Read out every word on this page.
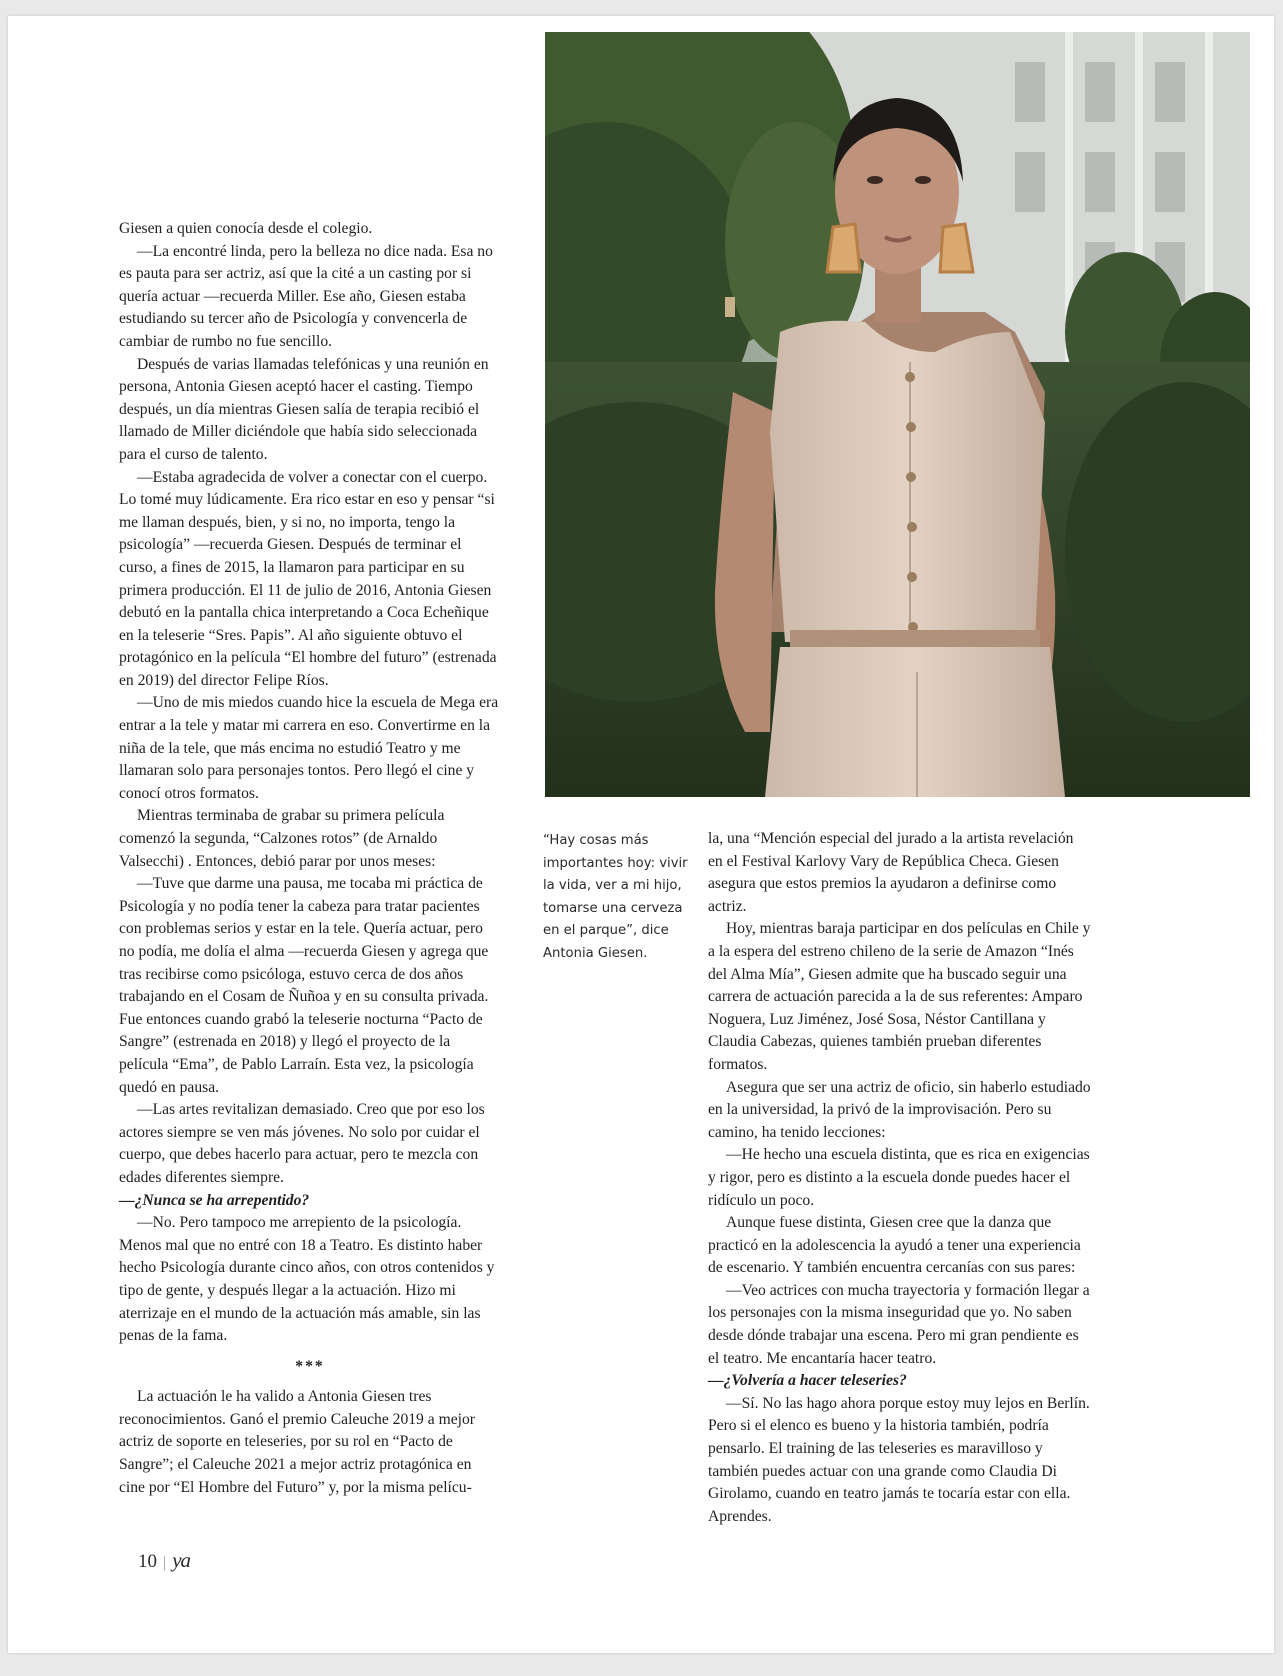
Giesen a quien conocía desde el colegio.

—La encontré linda, pero la belleza no dice nada. Esa no es pauta para ser actriz, así que la cité a un casting por si quería actuar —recuerda Miller. Ese año, Giesen estaba estudiando su tercer año de Psicología y convencerla de cambiar de rumbo no fue sencillo.

Después de varias llamadas telefónicas y una reunión en persona, Antonia Giesen aceptó hacer el casting. Tiempo después, un día mientras Giesen salía de terapia recibió el llamado de Miller diciéndole que había sido seleccionada para el curso de talento.

—Estaba agradecida de volver a conectar con el cuerpo. Lo tomé muy lúdicamente. Era rico estar en eso y pensar “si me llaman después, bien, y si no, no importa, tengo la psicología” —recuerda Giesen. Después de terminar el curso, a fines de 2015, la llamaron para participar en su primera producción. El 11 de julio de 2016, Antonia Giesen debutó en la pantalla chica interpretando a Coca Echeñique en la teleserie “Sres. Papis”. Al año siguiente obtuvo el protagónico en la película “El hombre del futuro” (estrenada en 2019) del director Felipe Ríos.

—Uno de mis miedos cuando hice la escuela de Mega era entrar a la tele y matar mi carrera en eso. Convertirme en la niña de la tele, que más encima no estudió Teatro y me llamaran solo para personajes tontos. Pero llegó el cine y conocí otros formatos.

Mientras terminaba de grabar su primera película comenzó la segunda, “Calzones rotos” (de Arnaldo Valsecchi) . Entonces, debió parar por unos meses:

—Tuve que darme una pausa, me tocaba mi práctica de Psicología y no podía tener la cabeza para tratar pacientes con problemas serios y estar en la tele. Quería actuar, pero no podía, me dolía el alma —recuerda Giesen y agrega que tras recibirse como psicóloga, estuvo cerca de dos años trabajando en el Cosam de Ñuñoa y en su consulta privada. Fue entonces cuando grabó la teleserie nocturna “Pacto de Sangre” (estrenada en 2018) y llegó el proyecto de la película “Ema”, de Pablo Larraín. Esta vez, la psicología quedó en pausa.

—Las artes revitalizan demasiado. Creo que por eso los actores siempre se ven más jóvenes. No solo por cuidar el cuerpo, que debes hacerlo para actuar, pero te mezcla con edades diferentes siempre.

—¿Nunca se ha arrepentido?

—No. Pero tampoco me arrepiento de la psicología. Menos mal que no entré con 18 a Teatro. Es distinto haber hecho Psicología durante cinco años, con otros contenidos y tipo de gente, y después llegar a la actuación. Hizo mi aterrizaje en el mundo de la actuación más amable, sin las penas de la fama.

***

La actuación le ha valido a Antonia Giesen tres reconocimientos. Ganó el premio Caleuche 2019 a mejor actriz de soporte en teleseries, por su rol en “Pacto de Sangre”; el Caleuche 2021 a mejor actriz protagónica en cine por “El Hombre del Futuro” y, por la misma pelícu-

“Hay cosas más importantes hoy: vivir la vida, ver a mi hijo, tomarse una cerveza en el parque”, dice Antonia Giesen.

la, una “Mención especial del jurado a la artista revelación en el Festival Karlovy Vary de República Checa. Giesen asegura que estos premios la ayudaron a definirse como actriz.

Hoy, mientras baraja participar en dos películas en Chile y a la espera del estreno chileno de la serie de Amazon “Inés del Alma Mía”, Giesen admite que ha buscado seguir una carrera de actuación parecida a la de sus referentes: Amparo Noguera, Luz Jiménez, José Sosa, Néstor Cantillana y Claudia Cabezas, quienes también prueban diferentes formatos.

Asegura que ser una actriz de oficio, sin haberlo estudiado en la universidad, la privó de la improvisación. Pero su camino, ha tenido lecciones:

—He hecho una escuela distinta, que es rica en exigencias y rigor, pero es distinto a la escuela donde puedes hacer el ridículo un poco.

Aunque fuese distinta, Giesen cree que la danza que practicó en la adolescencia la ayudó a tener una experiencia de escenario. Y también encuentra cercanías con sus pares:

—Veo actrices con mucha trayectoria y formación llegar a los personajes con la misma inseguridad que yo. No saben desde dónde trabajar una escena. Pero mi gran pendiente es el teatro. Me encantaría hacer teatro.

—¿Volvería a hacer teleseries?

—Sí. No las hago ahora porque estoy muy lejos en Berlín. Pero si el elenco es bueno y la historia también, podría pensarlo. El training de las teleseries es maravilloso y también puedes actuar con una grande como Claudia Di Girolamo, cuando en teatro jamás te tocaría estar con ella. Aprendes.

10 | ya
